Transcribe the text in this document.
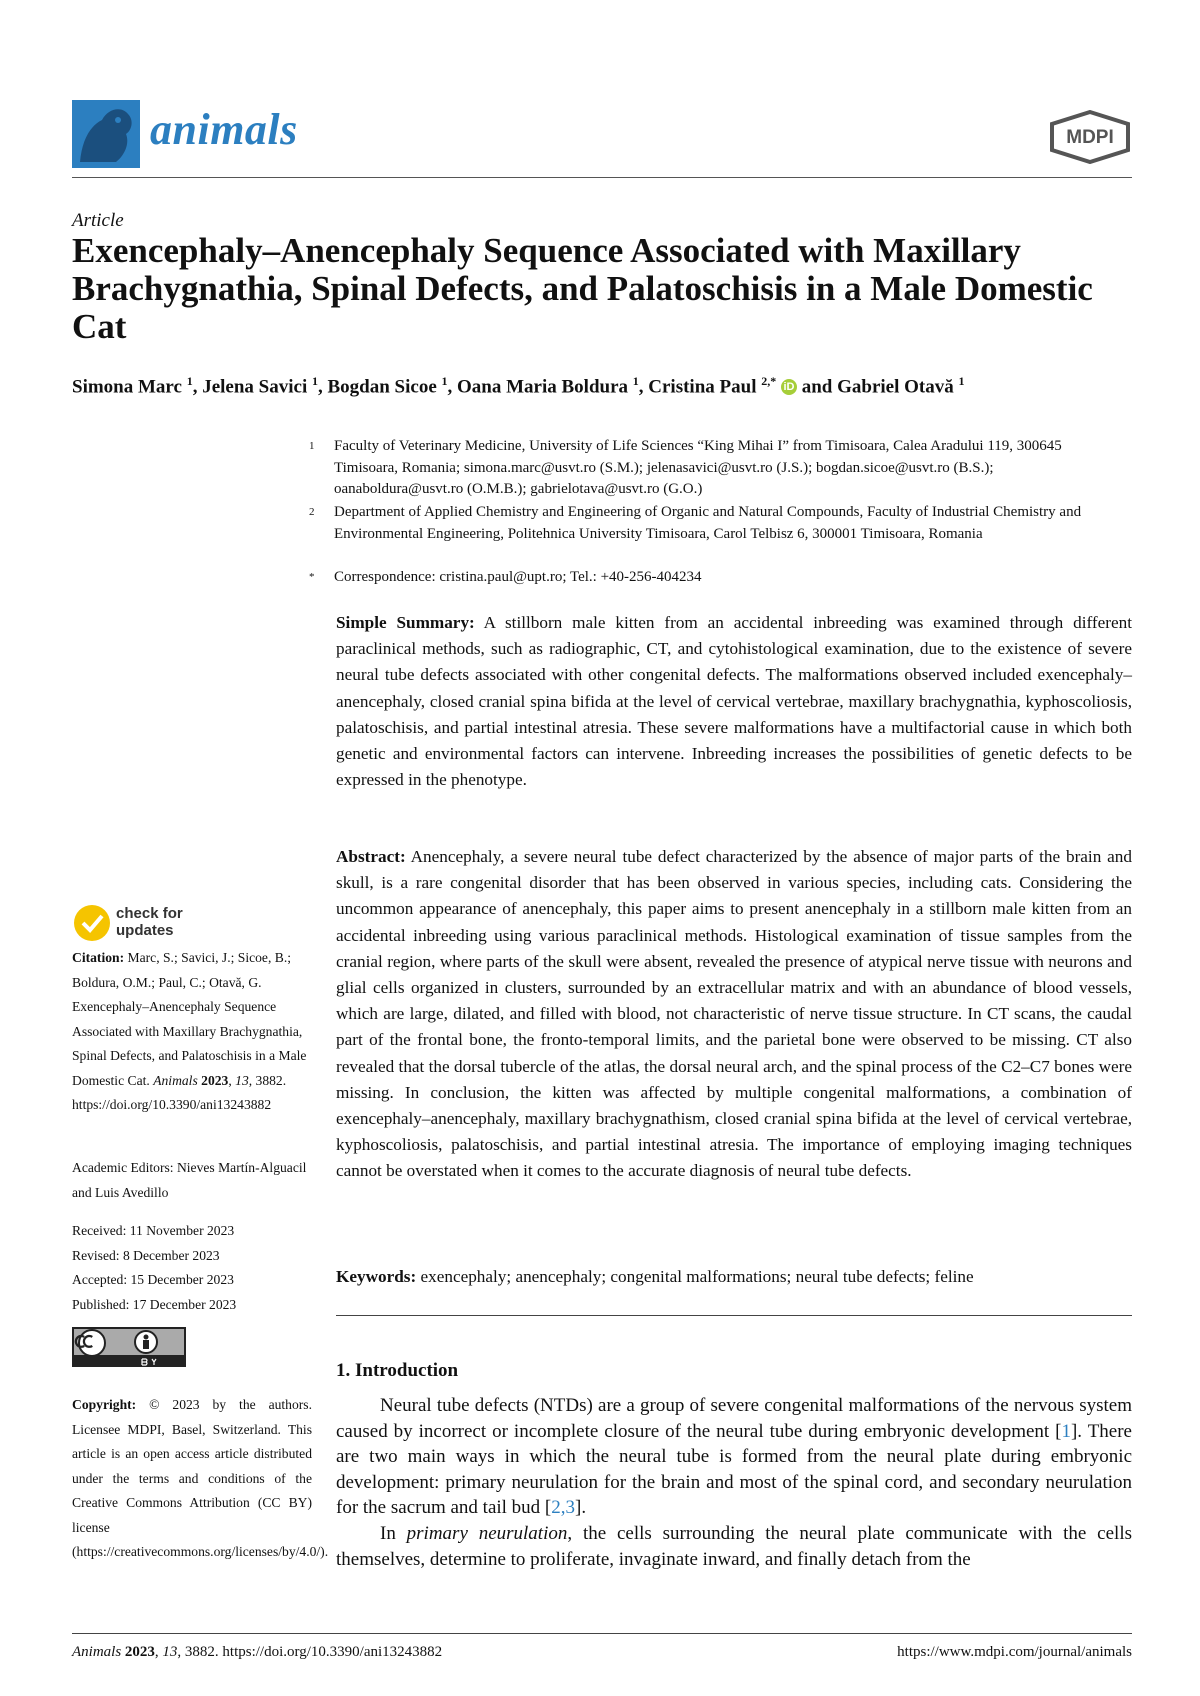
animals	MDPI
Article
Exencephaly–Anencephaly Sequence Associated with Maxillary Brachygnathia, Spinal Defects, and Palatoschisis in a Male Domestic Cat
Simona Marc $^1$, Jelena Savici $^1$, Bogdan Sicoe $^1$, Oana Maria Boldura $^1$, Cristina Paul $^{2,*}$ iD and Gabriel Otavă $^1$
1 Faculty of Veterinary Medicine, University of Life Sciences “King Mihai I” from Timisoara, Calea Aradului 119, 300645 Timisoara, Romania; simona.marc@usvt.ro (S.M.); jelenasavici@usvt.ro (J.S.); bogdan.sicoe@usvt.ro (B.S.); oanaboldura@usvt.ro (O.M.B.); gabrielotava@usvt.ro (G.O.)
2 Department of Applied Chemistry and Engineering of Organic and Natural Compounds, Faculty of Industrial Chemistry and Environmental Engineering, Politehnica University Timisoara, Carol Telbisz 6, 300001 Timisoara, Romania
* Correspondence: cristina.paul@upt.ro; Tel.: +40-256-404234
Simple Summary: A stillborn male kitten from an accidental inbreeding was examined through different paraclinical methods, such as radiographic, CT, and cytohistological examination, due to the existence of severe neural tube defects associated with other congenital defects. The malformations observed included exencephaly–anencephaly, closed cranial spina bifida at the level of cervical vertebrae, maxillary brachygnathia, kyphoscoliosis, palatoschisis, and partial intestinal atresia. These severe malformations have a multifactorial cause in which both genetic and environmental factors can intervene. Inbreeding increases the possibilities of genetic defects to be expressed in the phenotype.
Abstract: Anencephaly, a severe neural tube defect characterized by the absence of major parts of the brain and skull, is a rare congenital disorder that has been observed in various species, including cats. Considering the uncommon appearance of anencephaly, this paper aims to present anencephaly in a stillborn male kitten from an accidental inbreeding using various paraclinical methods. Histological examination of tissue samples from the cranial region, where parts of the skull were absent, revealed the presence of atypical nerve tissue with neurons and glial cells organized in clusters, surrounded by an extracellular matrix and with an abundance of blood vessels, which are large, dilated, and filled with blood, not characteristic of nerve tissue structure. In CT scans, the caudal part of the frontal bone, the fronto-temporal limits, and the parietal bone were observed to be missing. CT also revealed that the dorsal tubercle of the atlas, the dorsal neural arch, and the spinal process of the C2–C7 bones were missing. In conclusion, the kitten was affected by multiple congenital malformations, a combination of exencephaly–anencephaly, maxillary brachygnathism, closed cranial spina bifida at the level of cervical vertebrae, kyphoscoliosis, palatoschisis, and partial intestinal atresia. The importance of employing imaging techniques cannot be overstated when it comes to the accurate diagnosis of neural tube defects.
Keywords: exencephaly; anencephaly; congenital malformations; neural tube defects; feline
1. Introduction
Neural tube defects (NTDs) are a group of severe congenital malformations of the nervous system caused by incorrect or incomplete closure of the neural tube during embryonic development [1]. There are two main ways in which the neural tube is formed from the neural plate during embryonic development: primary neurulation for the brain and most of the spinal cord, and secondary neurulation for the sacrum and tail bud [2,3].
In primary neurulation, the cells surrounding the neural plate communicate with the cells themselves, determine to proliferate, invaginate inward, and finally detach from the
check for updates
Citation: Marc, S.; Savici, J.; Sicoe, B.; Boldura, O.M.; Paul, C.; Otavă, G. Exencephaly–Anencephaly Sequence Associated with Maxillary Brachygnathia, Spinal Defects, and Palatoschisis in a Male Domestic Cat. Animals 2023, 13, 3882. https://doi.org/10.3390/ani13243882
Academic Editors: Nieves Martín-Alguacil and Luis Avedillo
Received: 11 November 2023
Revised: 8 December 2023
Accepted: 15 December 2023
Published: 17 December 2023
Copyright: © 2023 by the authors. Licensee MDPI, Basel, Switzerland. This article is an open access article distributed under the terms and conditions of the Creative Commons Attribution (CC BY) license (https://creativecommons.org/licenses/by/4.0/).
Animals 2023, 13, 3882. https://doi.org/10.3390/ani13243882	https://www.mdpi.com/journal/animals
